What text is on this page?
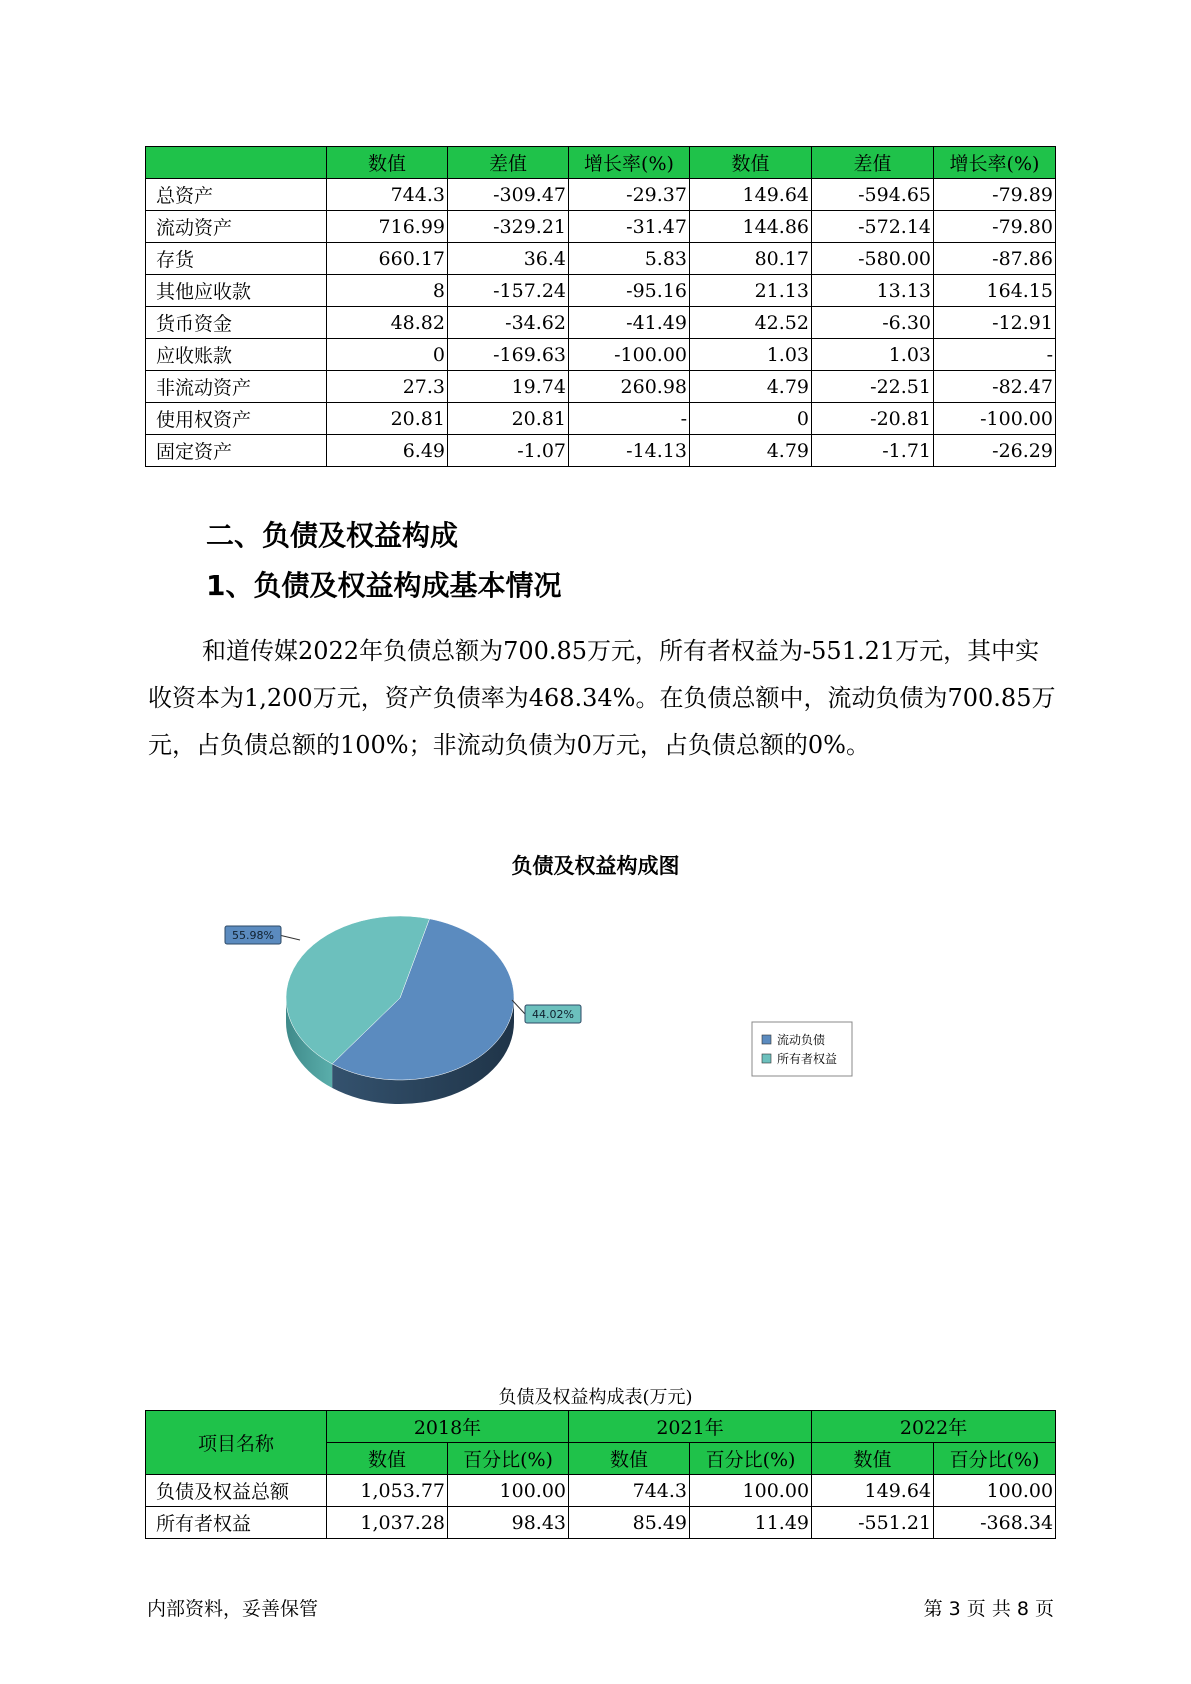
	数值	差值	增长率(%)	数值	差值	增长率(%)
总资产	744.3	-309.47	-29.37	149.64	-594.65	-79.89
流动资产	716.99	-329.21	-31.47	144.86	-572.14	-79.80
存货	660.17	36.4	5.83	80.17	-580.00	-87.86
其他应收款	8	-157.24	-95.16	21.13	13.13	164.15
货币资金	48.82	-34.62	-41.49	42.52	-6.30	-12.91
应收账款	0	-169.63	-100.00	1.03	1.03	-
非流动资产	27.3	19.74	260.98	4.79	-22.51	-82.47
使用权资产	20.81	20.81	-	0	-20.81	-100.00
固定资产	6.49	-1.07	-14.13	4.79	-1.71	-26.29
二、负债及权益构成
1、负债及权益构成基本情况

和道传媒2022年负债总额为700.85万元，所有者权益为-551.21万元，其中实收资本为1,200万元，资产负债率为468.34%。在负债总额中，流动负债为700.85万元，占负债总额的100%；非流动负债为0万元，占负债总额的0%。

负债及权益构成图
55.98%
44.02%
流动负债
所有者权益
负债及权益构成表(万元)
项目名称	2018年		2021年		2022年	
	数值	百分比(%)	数值	百分比(%)	数值	百分比(%)
负债及权益总额	1,053.77	100.00	744.3	100.00	149.64	100.00
所有者权益	1,037.28	98.43	85.49	11.49	-551.21	-368.34
内部资料，妥善保管	第 3 页 共 8 页
